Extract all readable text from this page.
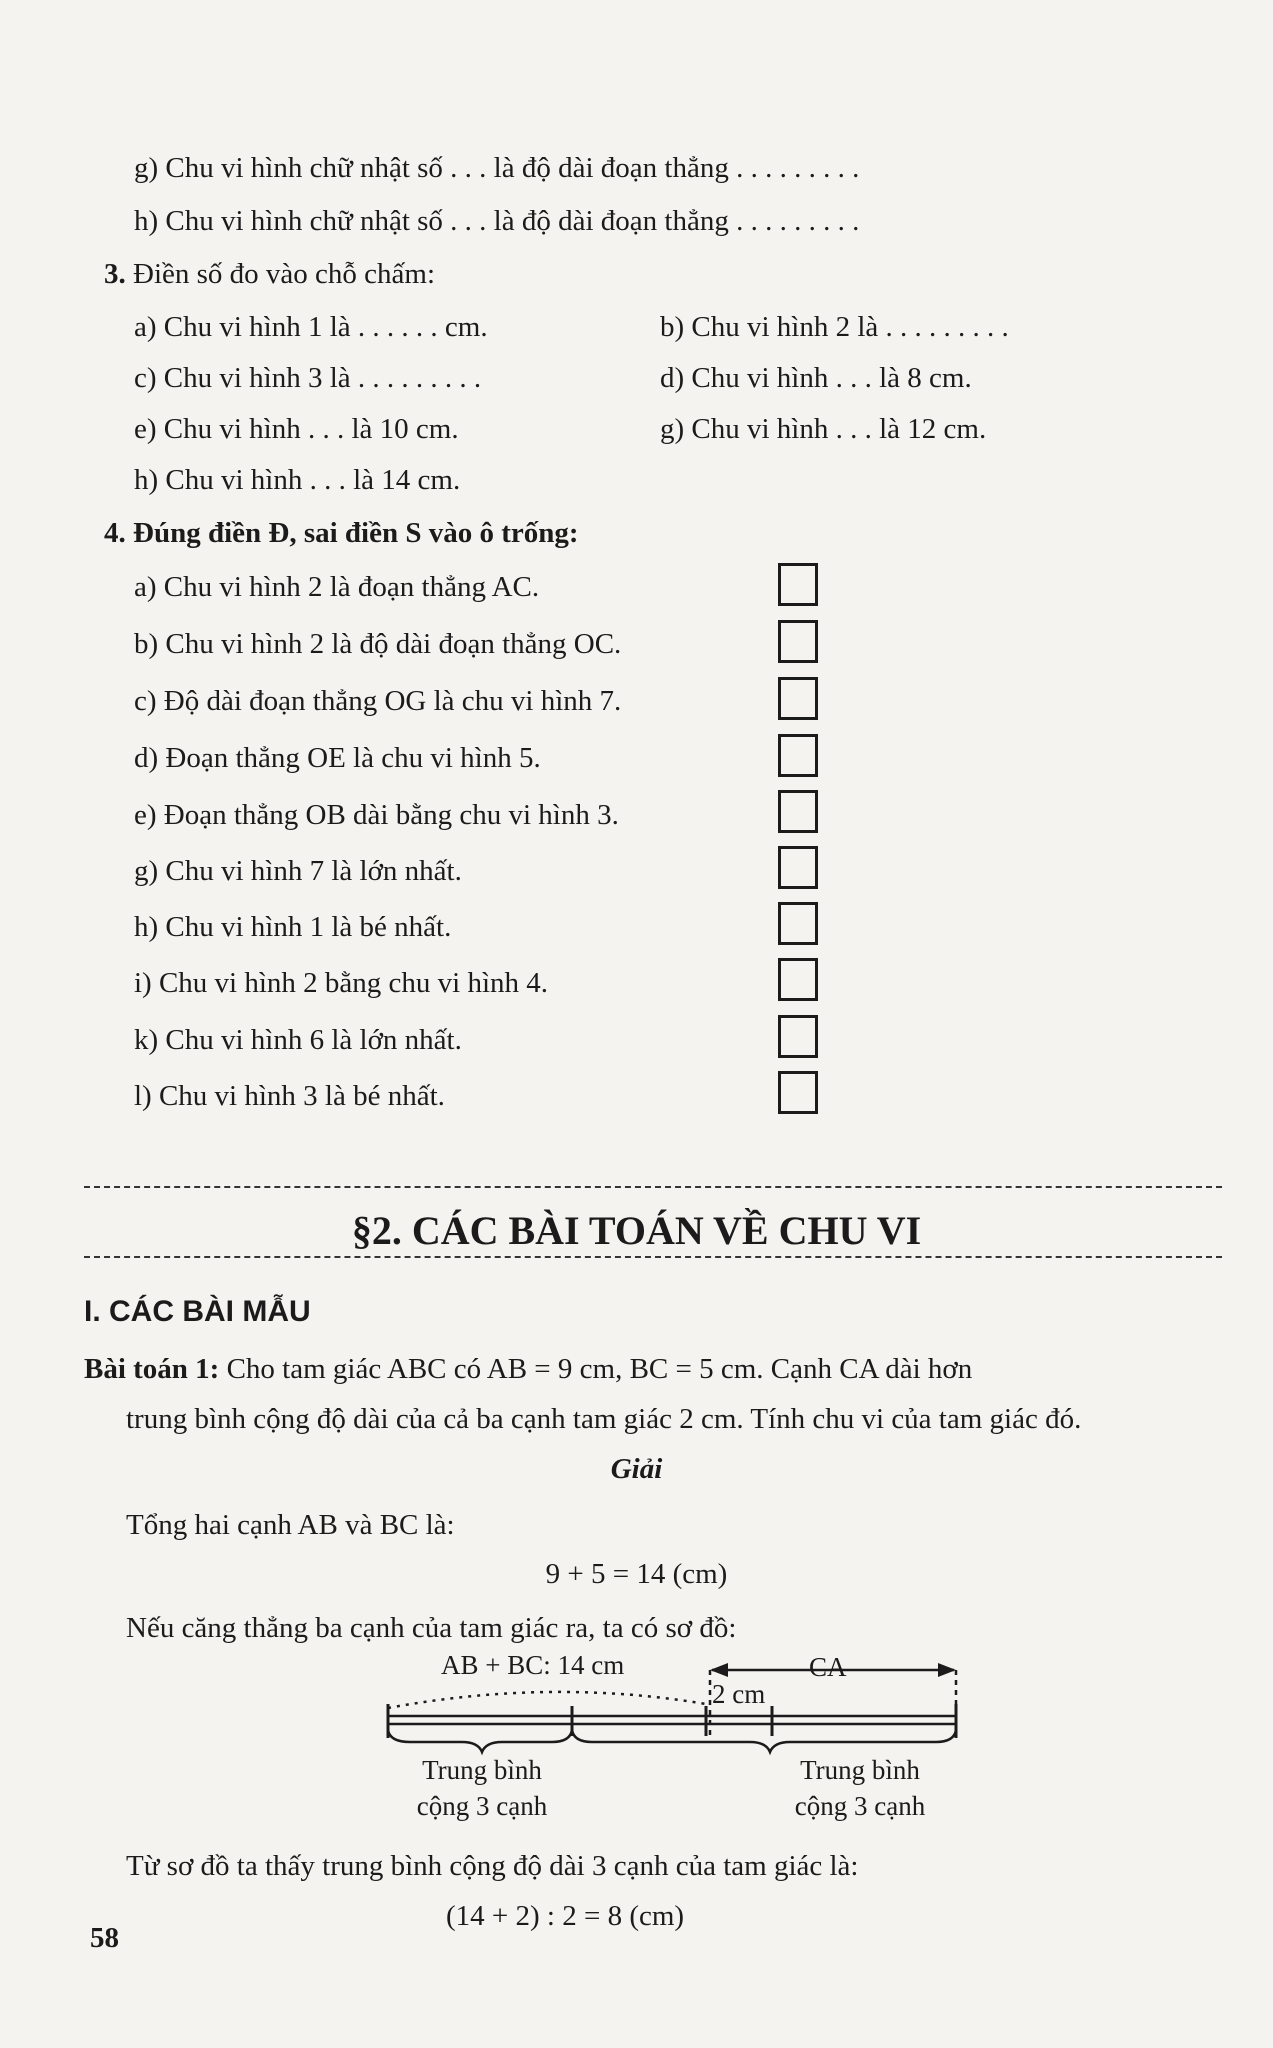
g) Chu vi hình chữ nhật số . . . là độ dài đoạn thẳng . . . . . . . . .
h) Chu vi hình chữ nhật số . . . là độ dài đoạn thẳng . . . . . . . . .
3. Điền số đo vào chỗ chấm:
a) Chu vi hình 1 là . . . . . . cm.	b) Chu vi hình 2 là . . . . . . . . .
c) Chu vi hình 3 là . . . . . . . . .	d) Chu vi hình . . . là 8 cm.
e) Chu vi hình . . . là 10 cm.	g) Chu vi hình . . . là 12 cm.
h) Chu vi hình . . . là 14 cm.
4. Đúng điền Đ, sai điền S vào ô trống:
a) Chu vi hình 2 là đoạn thẳng AC.
b) Chu vi hình 2 là độ dài đoạn thẳng OC.
c) Độ dài đoạn thẳng OG là chu vi hình 7.
d) Đoạn thẳng OE là chu vi hình 5.
e) Đoạn thẳng OB dài bằng chu vi hình 3.
g) Chu vi hình 7 là lớn nhất.
h) Chu vi hình 1 là bé nhất.
i) Chu vi hình 2 bằng chu vi hình 4.
k) Chu vi hình 6 là lớn nhất.
l) Chu vi hình 3 là bé nhất.
§2. CÁC BÀI TOÁN VỀ CHU VI
I. CÁC BÀI MẪU
Bài toán 1: Cho tam giác ABC có AB = 9 cm, BC = 5 cm. Cạnh CA dài hơn
trung bình cộng độ dài của cả ba cạnh tam giác 2 cm. Tính chu vi của tam giác đó.
Giải
Tổng hai cạnh AB và BC là:
9 + 5 = 14 (cm)
Nếu căng thẳng ba cạnh của tam giác ra, ta có sơ đồ:
AB + BC: 14 cm	CA
2 cm
Trung bình
cộng 3 cạnh
Trung bình
cộng 3 cạnh
Từ sơ đồ ta thấy trung bình cộng độ dài 3 cạnh của tam giác là:
(14 + 2) : 2 = 8 (cm)
58
